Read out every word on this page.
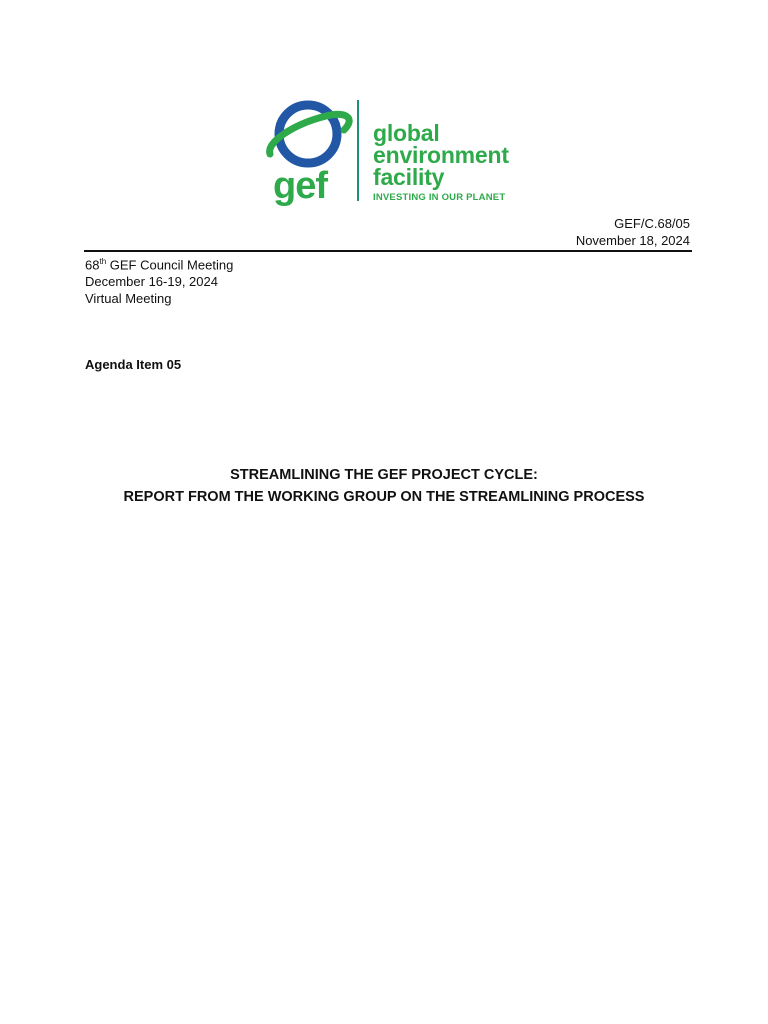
gef
global
environment
facility
INVESTING IN OUR PLANET
GEF/C.68/05
November 18, 2024
68th GEF Council Meeting
December 16-19, 2024
Virtual Meeting
Agenda Item 05
STREAMLINING THE GEF PROJECT CYCLE:
REPORT FROM THE WORKING GROUP ON THE STREAMLINING PROCESS
